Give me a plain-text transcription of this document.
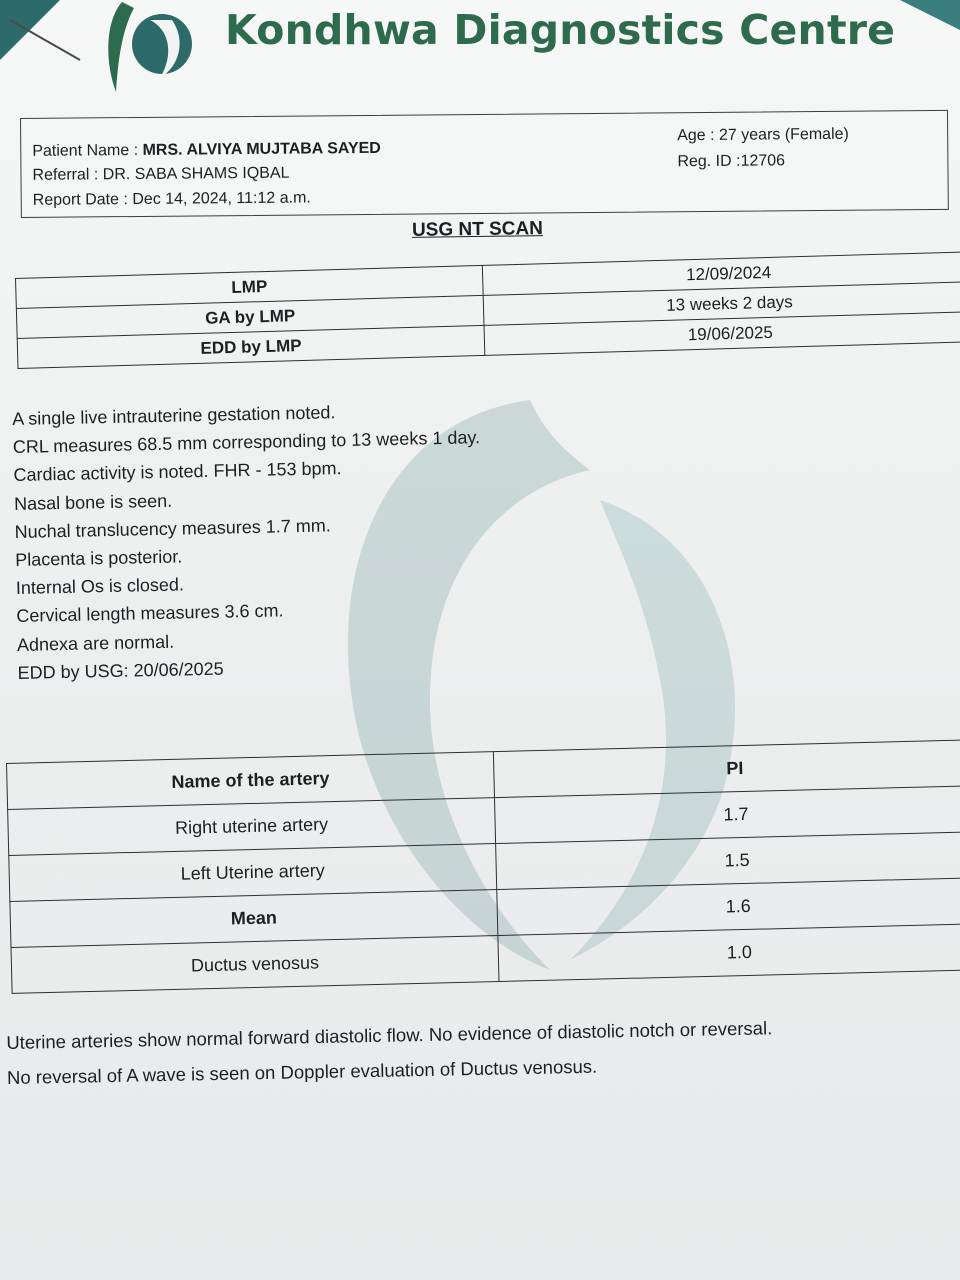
Kondhwa Diagnostics Centre
Patient Name : MRS. ALVIYA MUJTABA SAYED
Referral : DR. SABA SHAMS IQBAL
Report Date : Dec 14, 2024, 11:12 a.m.
Age : 27 years (Female)
Reg. ID :12706
USG NT SCAN
LMP	12/09/2024
GA by LMP	13 weeks 2 days
EDD by LMP	19/06/2025
A single live intrauterine gestation noted.
CRL measures 68.5 mm corresponding to 13 weeks 1 day.
Cardiac activity is noted. FHR - 153 bpm.
Nasal bone is seen.
Nuchal translucency measures 1.7 mm.
Placenta is posterior.
Internal Os is closed.
Cervical length measures 3.6 cm.
Adnexa are normal.
EDD by USG: 20/06/2025
Name of the artery	PI
Right uterine artery	1.7
Left Uterine artery	1.5
Mean	1.6
Ductus venosus	1.0
Uterine arteries show normal forward diastolic flow. No evidence of diastolic notch or reversal.
No reversal of A wave is seen on Doppler evaluation of Ductus venosus.
